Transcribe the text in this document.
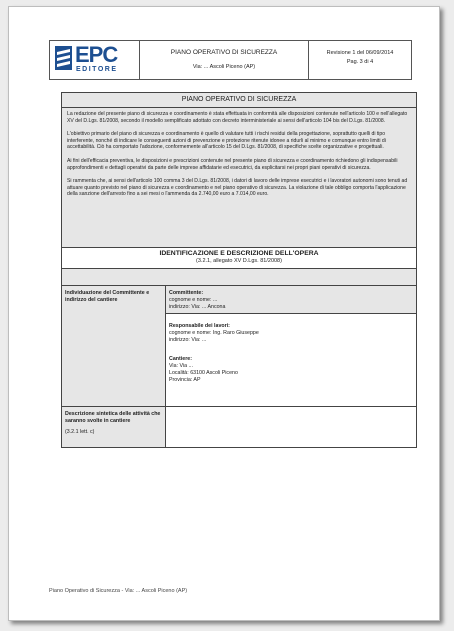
EPC
EDITORE
PIANO OPERATIVO DI SICUREZZA
Via: ... Ascoli Piceno (AP)
Revisione 1 del 06/09/2014
Pag. 3 di 4
PIANO OPERATIVO DI SICUREZZA

La redazione del presente piano di sicurezza e coordinamento è stata effettuata in conformità alle disposizioni contenute nell'articolo 100 e nell'allegato XV del D.Lgs. 81/2008, secondo il modello semplificato adottato con decreto interministeriale ai sensi dell'articolo 104 bis del D.Lgs. 81/2008.

L'obiettivo primario del piano di sicurezza e coordinamento è quello di valutare tutti i rischi residui della progettazione, soprattutto quelli di tipo interferente, nonché di indicare le conseguenti azioni di prevenzione e protezione ritenute idonee a ridurli al minimo e comunque entro limiti di accettabilità. Ciò ha comportato l'adozione, conformemente all'articolo 15 del D.Lgs. 81/2008, di specifiche scelte organizzative e progettuali.

Ai fini dell'efficacia preventiva, le disposizioni e prescrizioni contenute nel presente piano di sicurezza e coordinamento richiedono gli indispensabili approfondimenti e dettagli operativi da parte delle imprese affidatarie ed esecutrici, da esplicitarsi nei propri piani operativi di sicurezza.

Si rammenta che, ai sensi dell'articolo 100 comma 3 del D.Lgs. 81/2008, i datori di lavoro delle imprese esecutrici e i lavoratori autonomi sono tenuti ad attuare quanto previsto nel piano di sicurezza e coordinamento e nel piano operativo di sicurezza. La violazione di tale obbligo comporta l'applicazione della sanzione dell'arresto fino a sei mesi o l'ammenda da 2.740,00 euro a 7.014,00 euro.

IDENTIFICAZIONE E DESCRIZIONE DELL'OPERA
(3.2.1, allegato XV D.Lgs. 81/2008)
Individuazione del Committente e indirizzo del cantiere
Committente:
cognome e nome: ...
indirizzo: Via: ... Ancona
Responsabile dei lavori:
cognome e nome: Ing. Raro Giuseppe
indirizzo: Via: ...
Cantiere:
Via: Via ...
Località: 63100 Ascoli Piceno
Provincia: AP
Descrizione sintetica delle attività che saranno svolte in cantiere
(3.2.1 lett. c)
Piano Operativo di Sicurezza - Via: ... Ascoli Piceno (AP)
